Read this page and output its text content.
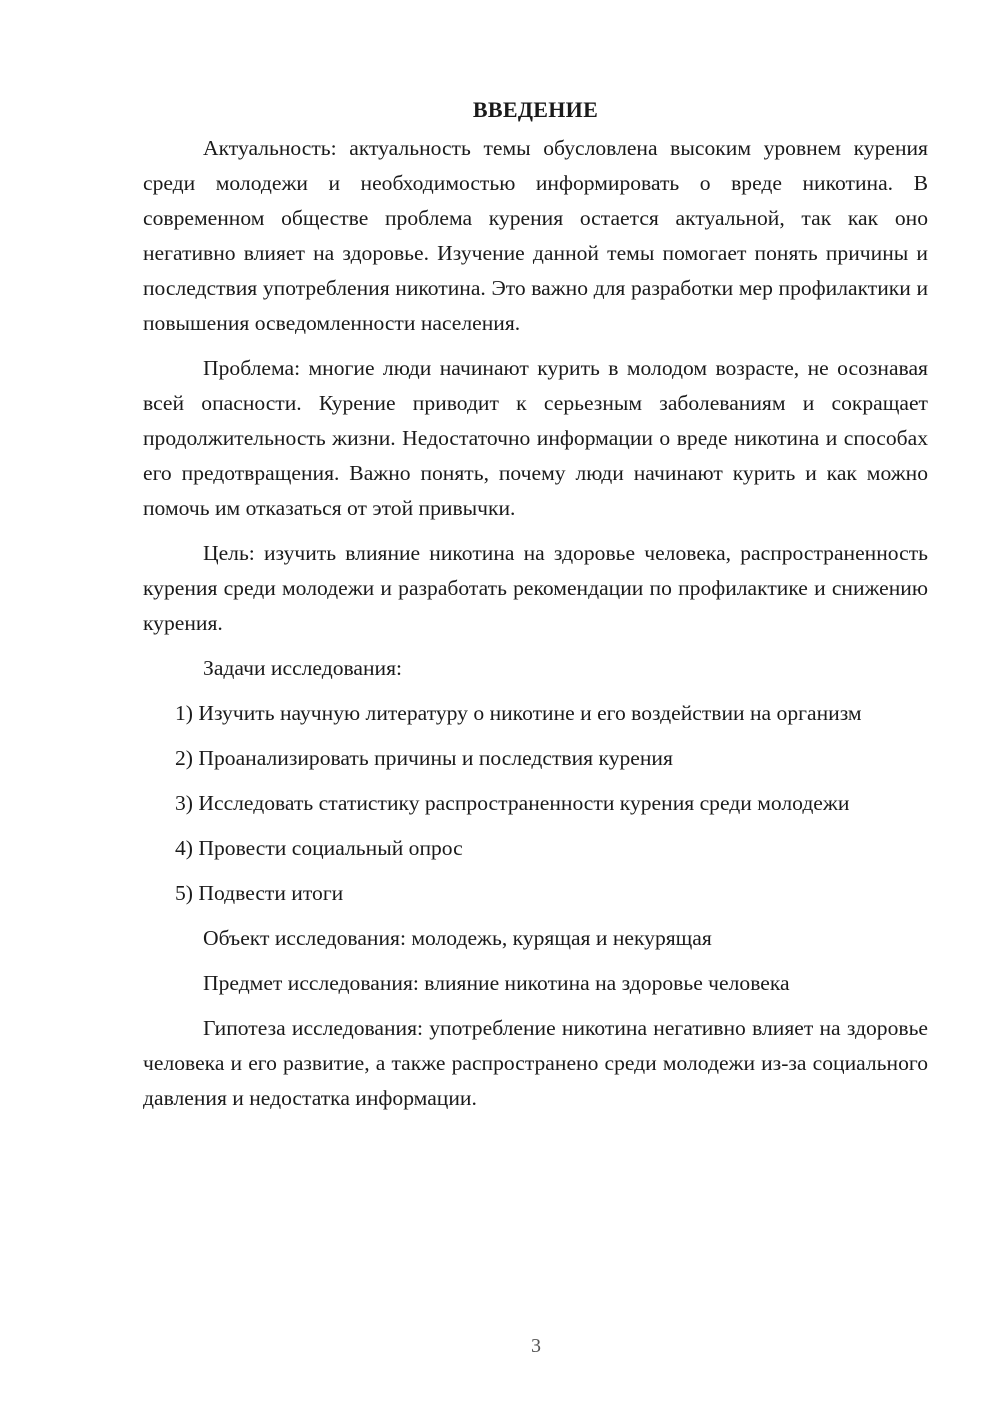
ВВЕДЕНИЕ

Актуальность: актуальность темы обусловлена высоким уровнем курения среди молодежи и необходимостью информировать о вреде никотина. В современном обществе проблема курения остается актуальной, так как оно негативно влияет на здоровье. Изучение данной темы помогает понять причины и последствия употребления никотина. Это важно для разработки мер профилактики и повышения осведомленности населения.

Проблема: многие люди начинают курить в молодом возрасте, не осознавая всей опасности. Курение приводит к серьезным заболеваниям и сокращает продолжительность жизни. Недостаточно информации о вреде никотина и способах его предотвращения. Важно понять, почему люди начинают курить и как можно помочь им отказаться от этой привычки.

Цель: изучить влияние никотина на здоровье человека, распространенность курения среди молодежи и разработать рекомендации по профилактике и снижению курения.

Задачи исследования:

1) Изучить научную литературу о никотине и его воздействии на организм

2) Проанализировать причины и последствия курения

3) Исследовать статистику распространенности курения среди молодежи

4) Провести социальный опрос

5) Подвести итоги

Объект исследования: молодежь, курящая и некурящая

Предмет исследования: влияние никотина на здоровье человека

Гипотеза исследования: употребление никотина негативно влияет на здоровье человека и его развитие, а также распространено среди молодежи из-за социального давления и недостатка информации.

3
